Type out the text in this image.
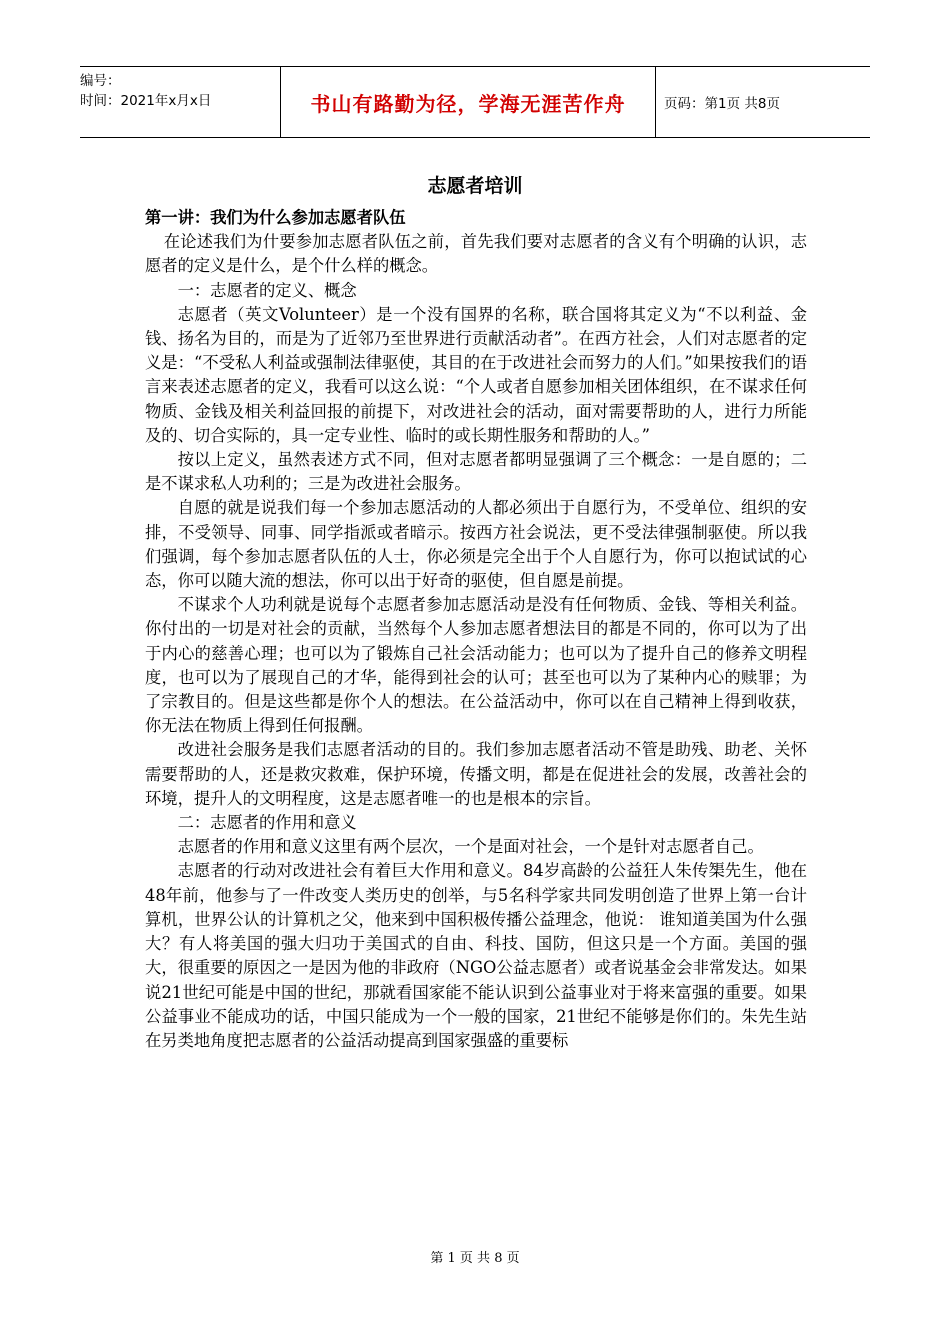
编号：
时间：2021年x月x日	书山有路勤为径，学海无涯苦作舟	页码：第1页 共8页
志愿者培训

第一讲：我们为什么参加志愿者队伍

在论述我们为什要参加志愿者队伍之前，首先我们要对志愿者的含义有个明确的认识，志愿者的定义是什么，是个什么样的概念。

一：志愿者的定义、概念

志愿者（英文Volunteer）是一个没有国界的名称，联合国将其定义为“不以利益、金钱、扬名为目的，而是为了近邻乃至世界进行贡献活动者”。在西方社会，人们对志愿者的定义是：“不受私人利益或强制法律驱使，其目的在于改进社会而努力的人们。”如果按我们的语言来表述志愿者的定义，我看可以这么说：“个人或者自愿参加相关团体组织，在不谋求任何物质、金钱及相关利益回报的前提下，对改进社会的活动，面对需要帮助的人，进行力所能及的、切合实际的，具一定专业性、临时的或长期性服务和帮助的人。”

按以上定义，虽然表述方式不同，但对志愿者都明显强调了三个概念：一是自愿的；二是不谋求私人功利的；三是为改进社会服务。

自愿的就是说我们每一个参加志愿活动的人都必须出于自愿行为，不受单位、组织的安排，不受领导、同事、同学指派或者暗示。按西方社会说法，更不受法律强制驱使。所以我们强调，每个参加志愿者队伍的人士，你必须是完全出于个人自愿行为，你可以抱试试的心态，你可以随大流的想法，你可以出于好奇的驱使，但自愿是前提。

不谋求个人功利就是说每个志愿者参加志愿活动是没有任何物质、金钱、等相关利益。你付出的一切是对社会的贡献，当然每个人参加志愿者想法目的都是不同的，你可以为了出于内心的慈善心理；也可以为了锻炼自己社会活动能力；也可以为了提升自己的修养文明程度，也可以为了展现自己的才华，能得到社会的认可；甚至也可以为了某种内心的赎罪；为了宗教目的。但是这些都是你个人的想法。在公益活动中，你可以在自己精神上得到收获，你无法在物质上得到任何报酬。

改进社会服务是我们志愿者活动的目的。我们参加志愿者活动不管是助残、助老、关怀需要帮助的人，还是救灾救难，保护环境，传播文明，都是在促进社会的发展，改善社会的环境，提升人的文明程度，这是志愿者唯一的也是根本的宗旨。

二：志愿者的作用和意义

志愿者的作用和意义这里有两个层次，一个是面对社会，一个是针对志愿者自己。

志愿者的行动对改进社会有着巨大作用和意义。84岁高龄的公益狂人朱传榘先生，他在48年前，他参与了一件改变人类历史的创举，与5名科学家共同发明创造了世界上第一台计算机，世界公认的计算机之父，他来到中国积极传播公益理念，他说： 谁知道美国为什么强大？有人将美国的强大归功于美国式的自由、科技、国防，但这只是一个方面。美国的强大，很重要的原因之一是因为他的非政府（NGO公益志愿者）或者说基金会非常发达。如果说21世纪可能是中国的世纪，那就看国家能不能认识到公益事业对于将来富强的重要。如果公益事业不能成功的话，中国只能成为一个一般的国家，21世纪不能够是你们的。朱先生站在另类地角度把志愿者的公益活动提高到国家强盛的重要标

第 1 页 共 8 页
